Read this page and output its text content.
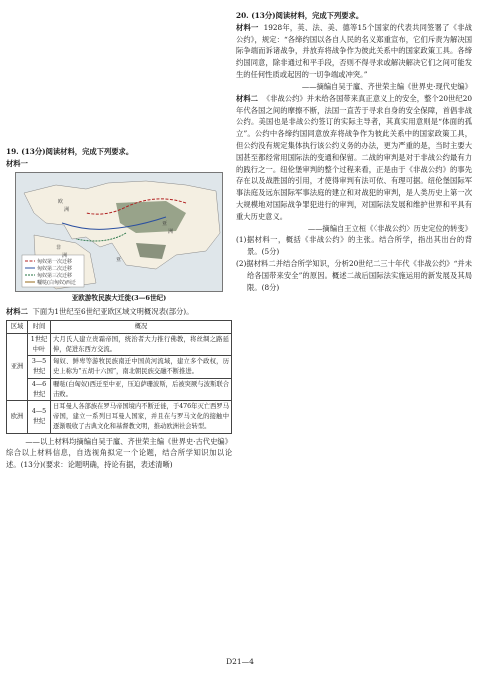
19. (13分)阅读材料，完成下列要求。

材料一

欧
洲
非
洲
亚
洲
亚
匈奴第一次迁移
匈奴第二次迁移
匈奴第三次迁移
嚈哒(白匈奴)西迁

亚欧游牧民族大迁徙(3—6世纪)

材料二 下面为1世纪至6世纪亚欧区域文明概况表(部分)。

区域	时间	概况
亚洲	1世纪中叶	大月氏人建立贵霜帝国，统治者大力推行佛教，将丝绸之路延伸，促进东西方交流。
	3—5世纪	匈奴、鲜卑等游牧民族南迁中国黄河流域，建立多个政权，历史上称为“五胡十六国”，南北朝民族交融不断推进。
	4—6世纪	嚈哒(白匈奴)西迁至中亚，压迫萨珊波斯，后被突厥与波斯联合击败。
欧洲	4—5世纪	日耳曼人各部族在罗马帝国境内不断迁徙，于476年灭亡西罗马帝国，建立一系列日耳曼人国家，并且在与罗马文化的接触中逐渐吸收了古典文化和基督教文明，推动欧洲社会转型。

——以上材料均摘编自吴于廑、齐世荣主编《世界史·古代史编》

综合以上材料信息，自选视角拟定一个论题，结合所学知识加以论述。(13分)(要求：论题明确，持论有据，表述清晰)

20. (13分)阅读材料，完成下列要求。

材料一 1928年，英、法、美、德等15个国家的代表共同签署了《非战公约》，规定：“各缔约国以各自人民的名义郑重宣布，它们斥责为解决国际争端而诉诸战争，并放弃将战争作为彼此关系中的国家政策工具。各缔约国同意，除非通过和平手段，否则不得寻求或解决解决它们之间可能发生的任何性质或起因的一切争端或冲突。”

——摘编自吴于廑、齐世荣主编《世界史·现代史编》

材料二 《非战公约》并未给各国带来真正意义上的安全，整个20世纪20年代各国之间的摩擦不断，法国一直苦于寻求自身的安全保障，首倡非战公约。美国也是非战公约签订的实际主导者，其真实用意则是“体面的孤立”。公约中各缔约国同意放弃将战争作为彼此关系中的国家政策工具，但公约没有规定集体执行该公约义务的办法，更为严重的是，当时主要大国甚至都经常用国际法的变通和保留。二战的审判是对于非战公约最有力的践行之一。纽伦堡审判的整个过程来看，正是由于《非战公约》的事先存在以及战胜国的引用，才使得审判有法可依、有理可据。纽伦堡国际军事法庭及远东国际军事法庭的建立和对战犯的审判，是人类历史上第一次大规模地对国际战争罪犯进行的审判，对国际法发展和维护世界和平具有重大历史意义。

——摘编自王立桓《〈非战公约〉历史定位的转变》

(1)据材料一，概括《非战公约》的主张。结合所学，指出其出台的背景。(5分)

(2)据材料二并结合所学知识，分析20世纪二三十年代《非战公约》“并未给各国带来安全”的原因。概述二战后国际法实施运用的新发展及其局限。(8分)

D21—4
